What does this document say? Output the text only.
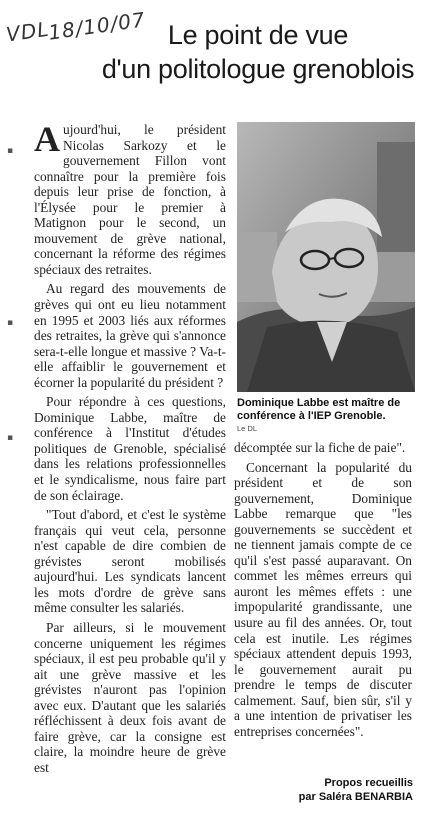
VDL
18/10/07 Le point de vue
d'un politologue grenoblois
▪
▪
▪

Aujourd'hui, le président Nicolas Sarkozy et le gouvernement Fillon vont connaître pour la première fois depuis leur prise de fonction, à l'Élysée pour le premier à Matignon pour le second, un mouvement de grève national, concernant la réforme des régimes spéciaux des retraites.

Au regard des mouvements de grèves qui ont eu lieu notamment en 1995 et 2003 liés aux réformes des retraites, la grève qui s'annonce sera-t-elle longue et massive ? Va-t-elle affaiblir le gouvernement et écorner la popularité du président ?

Pour répondre à ces questions, Dominique Labbe, maître de conférence à l'Institut d'études politiques de Grenoble, spécialisé dans les relations professionnelles et le syndicalisme, nous faire part de son éclairage.

"Tout d'abord, et c'est le système français qui veut cela, personne n'est capable de dire combien de grévistes seront mobilisés aujourd'hui. Les syndicats lancent les mots d'ordre de grève sans même consulter les salariés.

Par ailleurs, si le mouvement concerne uniquement les régimes spéciaux, il est peu probable qu'il y ait une grève massive et les grévistes n'auront pas l'opinion avec eux. D'autant que les salariés réfléchissent à deux fois avant de faire grève, car la consigne est claire, la moindre heure de grève est

Dominique Labbe est maître de conférence à l'IEP Grenoble.
Le DL

décomptée sur la fiche de paie".

Concernant la popularité du président et de son gouvernement, Dominique Labbe remarque que "les gouvernements se succèdent et ne tiennent jamais compte de ce qu'il s'est passé auparavant. On commet les mêmes erreurs qui auront les mêmes effets : une impopularité grandissante, une usure au fil des années. Or, tout cela est inutile. Les régimes spéciaux attendent depuis 1993, le gouvernement aurait pu prendre le temps de discuter calmement. Sauf, bien sûr, s'il y a une intention de privatiser les entreprises concernées".

Propos recueillis
par Saléra BENARBIA
